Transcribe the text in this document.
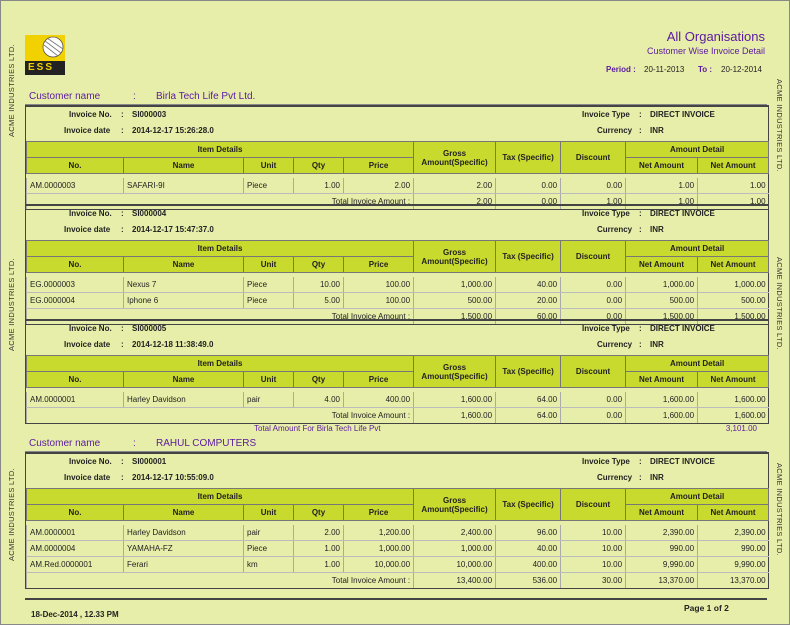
ACME INDUSTRIES LTD.
ACME INDUSTRIES LTD.
ACME INDUSTRIES LTD.
ACME INDUSTRIES LTD.
ACME INDUSTRIES LTD.
ACME INDUSTRIES LTD.
ESS
All Organisations
Customer Wise Invoice Detail
Period : 20-11-2013 To : 20-12-2014
Customer name	: Birla Tech Life Pvt Ltd.
Invoice No. : SI000003
Invoice date : 2014-12-17 15:26:28.0
Invoice Type : DIRECT INVOICE
Currency : INR
Item Details					Gross Amount(Specific)	Tax (Specific)	Discount	Amount Detail	
No.	Name	Unit	Qty	Price				Net Amount	Net Amount

AM.0000003	SAFARI-9I	Piece	1.00	2.00	2.00	0.00	0.00	1.00	1.00
Total Invoice Amount :					2.00	0.00	1.00	1.00	1.00
Invoice No. : SI000004
Invoice date : 2014-12-17 15:47:37.0
Invoice Type : DIRECT INVOICE
Currency : INR
Item Details					Gross Amount(Specific)	Tax (Specific)	Discount	Amount Detail	
No.	Name	Unit	Qty	Price				Net Amount	Net Amount

EG.0000003	Nexus 7	Piece	10.00	100.00	1,000.00	40.00	0.00	1,000.00	1,000.00
EG.0000004	Iphone 6	Piece	5.00	100.00	500.00	20.00	0.00	500.00	500.00
Total Invoice Amount :					1,500.00	60.00	0.00	1,500.00	1,500.00
Invoice No. : SI000005
Invoice date : 2014-12-18 11:38:49.0
Invoice Type : DIRECT INVOICE
Currency : INR
Item Details					Gross Amount(Specific)	Tax (Specific)	Discount	Amount Detail	
No.	Name	Unit	Qty	Price				Net Amount	Net Amount

AM.0000001	Harley Davidson	pair	4.00	400.00	1,600.00	64.00	0.00	1,600.00	1,600.00
Total Invoice Amount :					1,600.00	64.00	0.00	1,600.00	1,600.00
Total Amount For Birla Tech Life Pvt	3,101.00
Customer name	: RAHUL COMPUTERS
Invoice No. : SI000001
Invoice date : 2014-12-17 10:55:09.0
Invoice Type : DIRECT INVOICE
Currency : INR
Item Details					Gross Amount(Specific)	Tax (Specific)	Discount	Amount Detail	
No.	Name	Unit	Qty	Price				Net Amount	Net Amount

AM.0000001	Harley Davidson	pair	2.00	1,200.00	2,400.00	96.00	10.00	2,390.00	2,390.00
AM.0000004	YAMAHA-FZ	Piece	1.00	1,000.00	1,000.00	40.00	10.00	990.00	990.00
AM.Red.0000001	Ferari	km	1.00	10,000.00	10,000.00	400.00	10.00	9,990.00	9,990.00
Total Invoice Amount :					13,400.00	536.00	30.00	13,370.00	13,370.00
18-Dec-2014 , 12.33 PM
Page 1 of 2
